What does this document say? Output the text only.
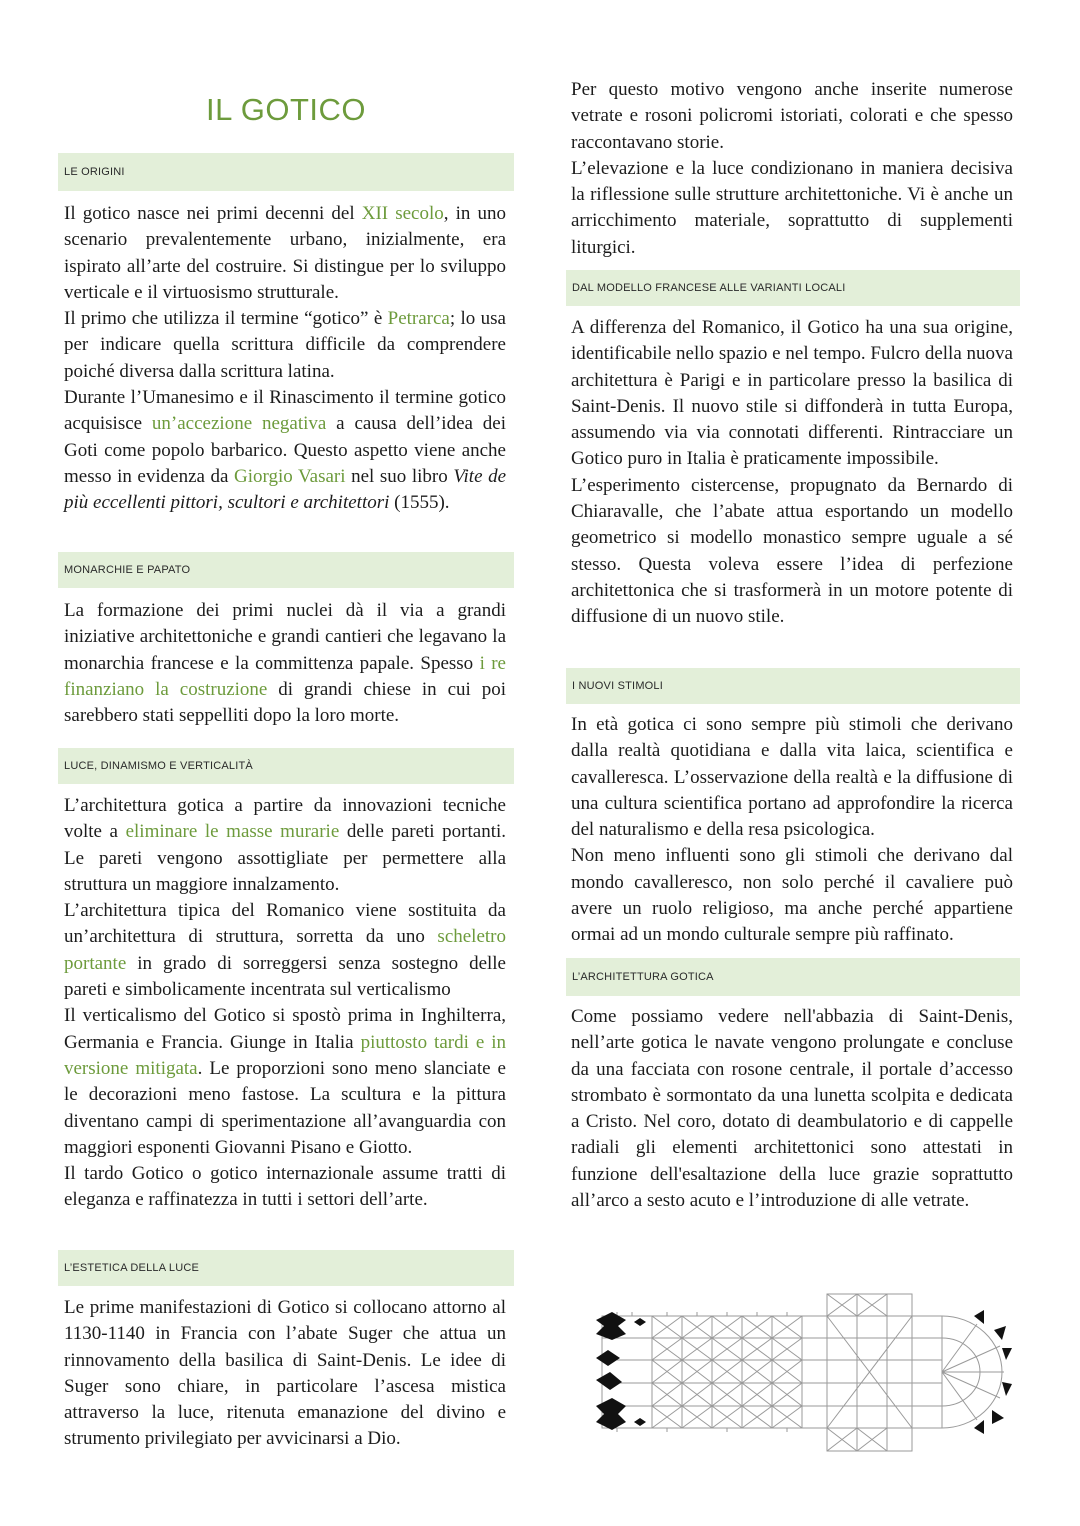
IL GOTICO
LE ORIGINI
Il gotico nasce nei primi decenni del XII secolo, in uno scenario prevalentemente urbano, inizialmente, era ispirato all’arte del costruire. Si distingue per lo sviluppo verticale e il virtuosismo strutturale.
Il primo che utilizza il termine “gotico” è Petrarca; lo usa per indicare quella scrittura difficile da comprendere poiché diversa dalla scrittura latina.
Durante l’Umanesimo e il Rinascimento il termine gotico acquisisce un’accezione negativa a causa dell’idea dei Goti come popolo barbarico. Questo aspetto viene anche messo in evidenza da Giorgio Vasari nel suo libro Vite de più eccellenti pittori, scultori e architettori (1555).
MONARCHIE E PAPATO
La formazione dei primi nuclei dà il via a grandi iniziative architettoniche e grandi cantieri che legavano la monarchia francese e la committenza papale. Spesso i re finanziano la costruzione di grandi chiese in cui poi sarebbero stati seppelliti dopo la loro morte.
LUCE, DINAMISMO E VERTICALITÀ
L’architettura gotica a partire da innovazioni tecniche volte a eliminare le masse murarie delle pareti portanti. Le pareti vengono assottigliate per permettere alla struttura un maggiore innalzamento.
L’architettura tipica del Romanico viene sostituita da un’architettura di struttura, sorretta da uno scheletro portante in grado di sorreggersi senza sostegno delle pareti e simbolicamente incentrata sul verticalismo
Il verticalismo del Gotico si spostò prima in Inghilterra, Germania e Francia. Giunge in Italia piuttosto tardi e in versione mitigata. Le proporzioni sono meno slanciate e le decorazioni meno fastose. La scultura e la pittura diventano campi di sperimentazione all’avanguardia con maggiori esponenti Giovanni Pisano e Giotto.
Il tardo Gotico o gotico internazionale assume tratti di eleganza e raffinatezza in tutti i settori dell’arte.
L’ESTETICA DELLA LUCE
Le prime manifestazioni di Gotico si collocano attorno al 1130-1140 in Francia con l’abate Suger che attua un rinnovamento della basilica di Saint-Denis. Le idee di Suger sono chiare, in particolare l’ascesa mistica attraverso la luce, ritenuta emanazione del divino e strumento privilegiato per avvicinarsi a Dio.
Per questo motivo vengono anche inserite numerose vetrate e rosoni policromi istoriati, colorati e che spesso raccontavano storie.
L’elevazione e la luce condizionano in maniera decisiva la riflessione sulle strutture architettoniche. Vi è anche un arricchimento materiale, soprattutto di supplementi liturgici.
DAL MODELLO FRANCESE ALLE VARIANTI LOCALI
A differenza del Romanico, il Gotico ha una sua origine, identificabile nello spazio e nel tempo. Fulcro della nuova architettura è Parigi e in particolare presso la basilica di Saint-Denis. Il nuovo stile si diffonderà in tutta Europa, assumendo via via connotati differenti. Rintracciare un Gotico puro in Italia è praticamente impossibile.
L’esperimento cistercense, propugnato da Bernardo di Chiaravalle, che l’abate attua esportando un modello geometrico si modello monastico sempre uguale a sé stesso. Questa voleva essere l’idea di perfezione architettonica che si trasformerà in un motore potente di diffusione di un nuovo stile.
I NUOVI STIMOLI
In età gotica ci sono sempre più stimoli che derivano dalla realtà quotidiana e dalla vita laica, scientifica e cavalleresca. L’osservazione della realtà e la diffusione di una cultura scientifica portano ad approfondire la ricerca del naturalismo e della resa psicologica.
Non meno influenti sono gli stimoli che derivano dal mondo cavalleresco, non solo perché il cavaliere può avere un ruolo religioso, ma anche perché appartiene ormai ad un mondo culturale sempre più raffinato.
L’ARCHITETTURA GOTICA
Come possiamo vedere nell'abbazia di Saint-Denis, nell’arte gotica le navate vengono prolungate e concluse da una facciata con rosone centrale, il portale d’accesso strombato è sormontato da una lunetta scolpita e dedicata a Cristo. Nel coro, dotato di deambulatorio e di cappelle radiali gli elementi architettonici sono attestati in funzione dell'esaltazione della luce grazie soprattutto all’arco a sesto acuto e l’introduzione di alle vetrate.
